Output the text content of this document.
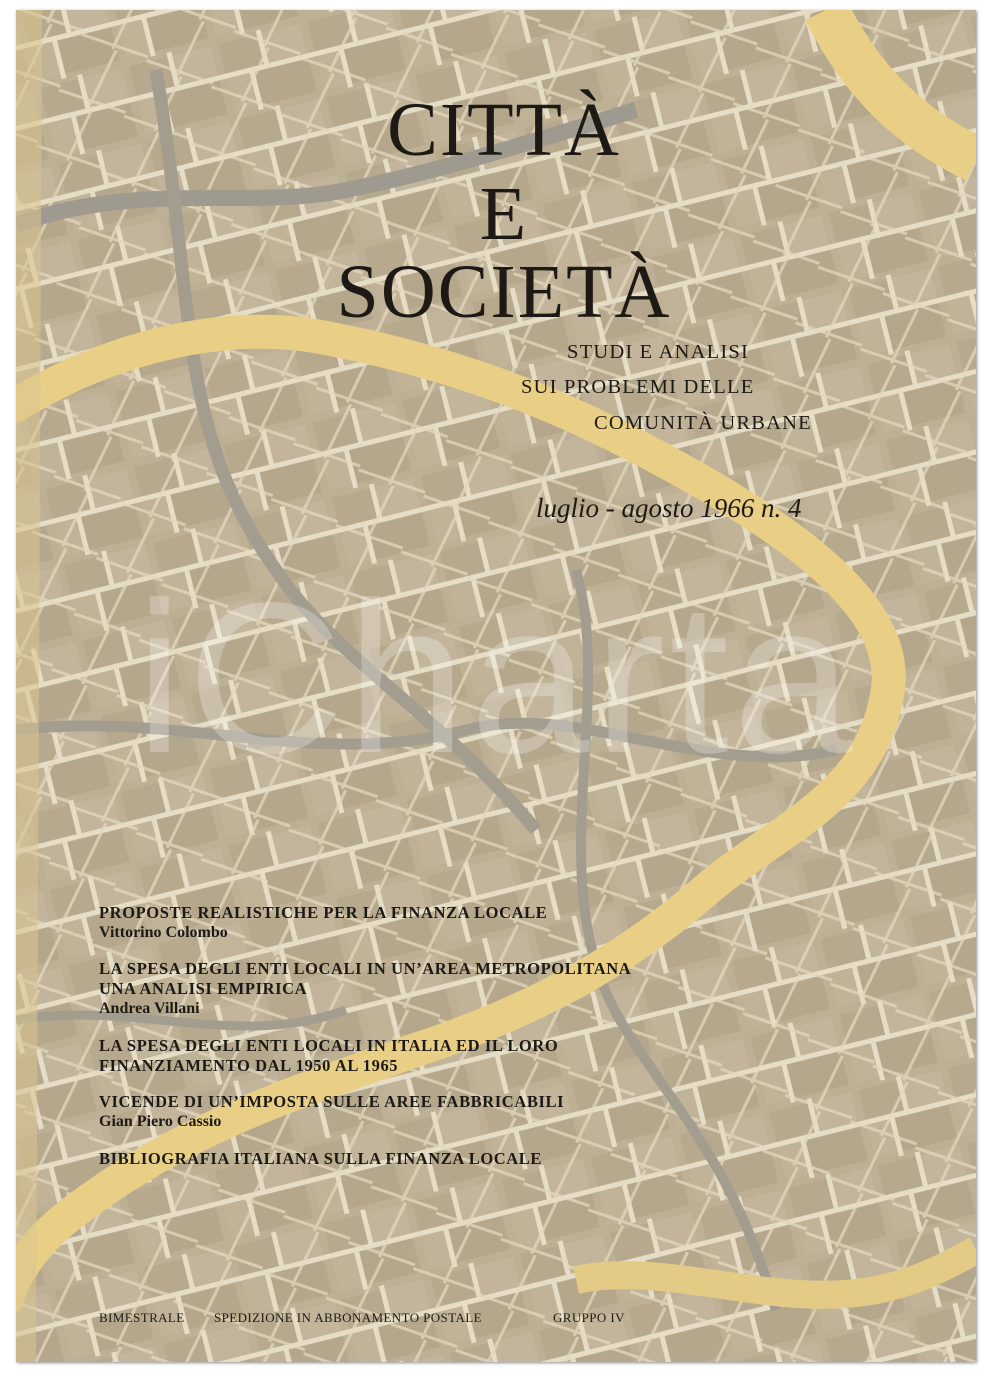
iCharta
CITTÀ
E
SOCIETÀ
STUDI E ANALISI
SUI PROBLEMI DELLE
COMUNITÀ URBANE
luglio - agosto 1966 n. 4
PROPOSTE REALISTICHE PER LA FINANZA LOCALE
Vittorino Colombo
LA SPESA DEGLI ENTI LOCALI IN UN’AREA METROPOLITANA
UNA ANALISI EMPIRICA
Andrea Villani
LA SPESA DEGLI ENTI LOCALI IN ITALIA ED IL LORO
FINANZIAMENTO DAL 1950 AL 1965
VICENDE DI UN’IMPOSTA SULLE AREE FABBRICABILI
Gian Piero Cassio
BIBLIOGRAFIA ITALIANA SULLA FINANZA LOCALE
BIMESTRALE SPEDIZIONE IN ABBONAMENTO POSTALE	GRUPPO IV
